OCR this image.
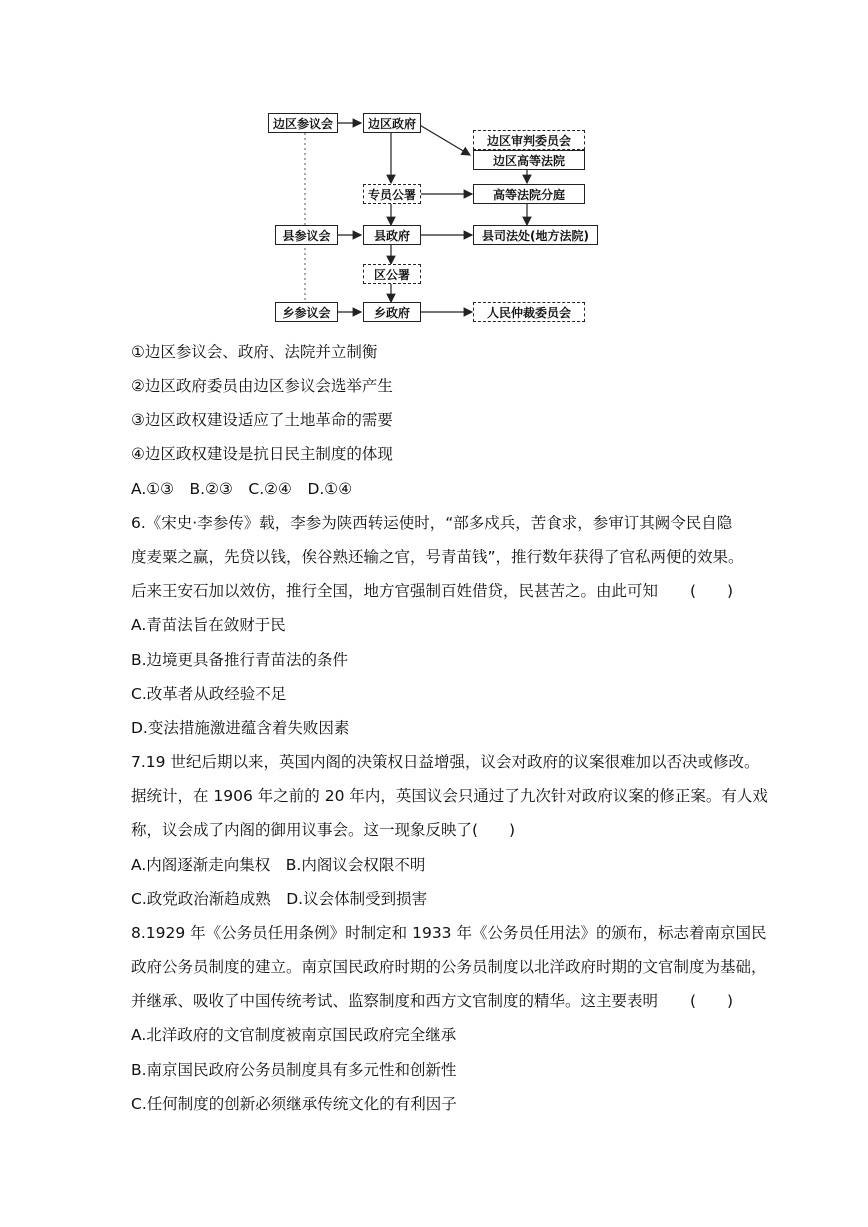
边区参议会	边区政府
边区审判委员会
边区高等法院
专员公署	高等法院分庭
县参议会	县政府	县司法处(地方法院)
区公署
乡参议会	乡政府	人民仲裁委员会
①边区参议会、政府、法院并立制衡
②边区政府委员由边区参议会选举产生
③边区政权建设适应了土地革命的需要
④边区政权建设是抗日民主制度的体现
A.①③　B.②③　C.②④　D.①④
6.《宋史·李参传》载，李参为陕西转运使时，“部多戍兵，苦食求，参审订其阙令民自隐
度麦粟之赢，先贷以钱，俟谷熟还输之官，号青苗钱”，推行数年获得了官私两便的效果。
后来王安石加以效仿，推行全国，地方官强制百姓借贷，民甚苦之。由此可知 (　　)
A.青苗法旨在敛财于民
B.边境更具备推行青苗法的条件
C.改革者从政经验不足
D.变法措施激进蕴含着失败因素
7.19 世纪后期以来，英国内阁的决策权日益增强，议会对政府的议案很难加以否决或修改。
据统计，在 1906 年之前的 20 年内，英国议会只通过了九次针对政府议案的修正案。有人戏
称，议会成了内阁的御用议事会。这一现象反映了(　　)
A.内阁逐渐走向集权　B.内阁议会权限不明
C.政党政治渐趋成熟　D.议会体制受到损害
8.1929 年《公务员任用条例》时制定和 1933 年《公务员任用法》的颁布，标志着南京国民
政府公务员制度的建立。南京国民政府时期的公务员制度以北洋政府时期的文官制度为基础，
并继承、吸收了中国传统考试、监察制度和西方文官制度的精华。这主要表明 (　　)
A.北洋政府的文官制度被南京国民政府完全继承
B.南京国民政府公务员制度具有多元性和创新性
C.任何制度的创新必须继承传统文化的有利因子
